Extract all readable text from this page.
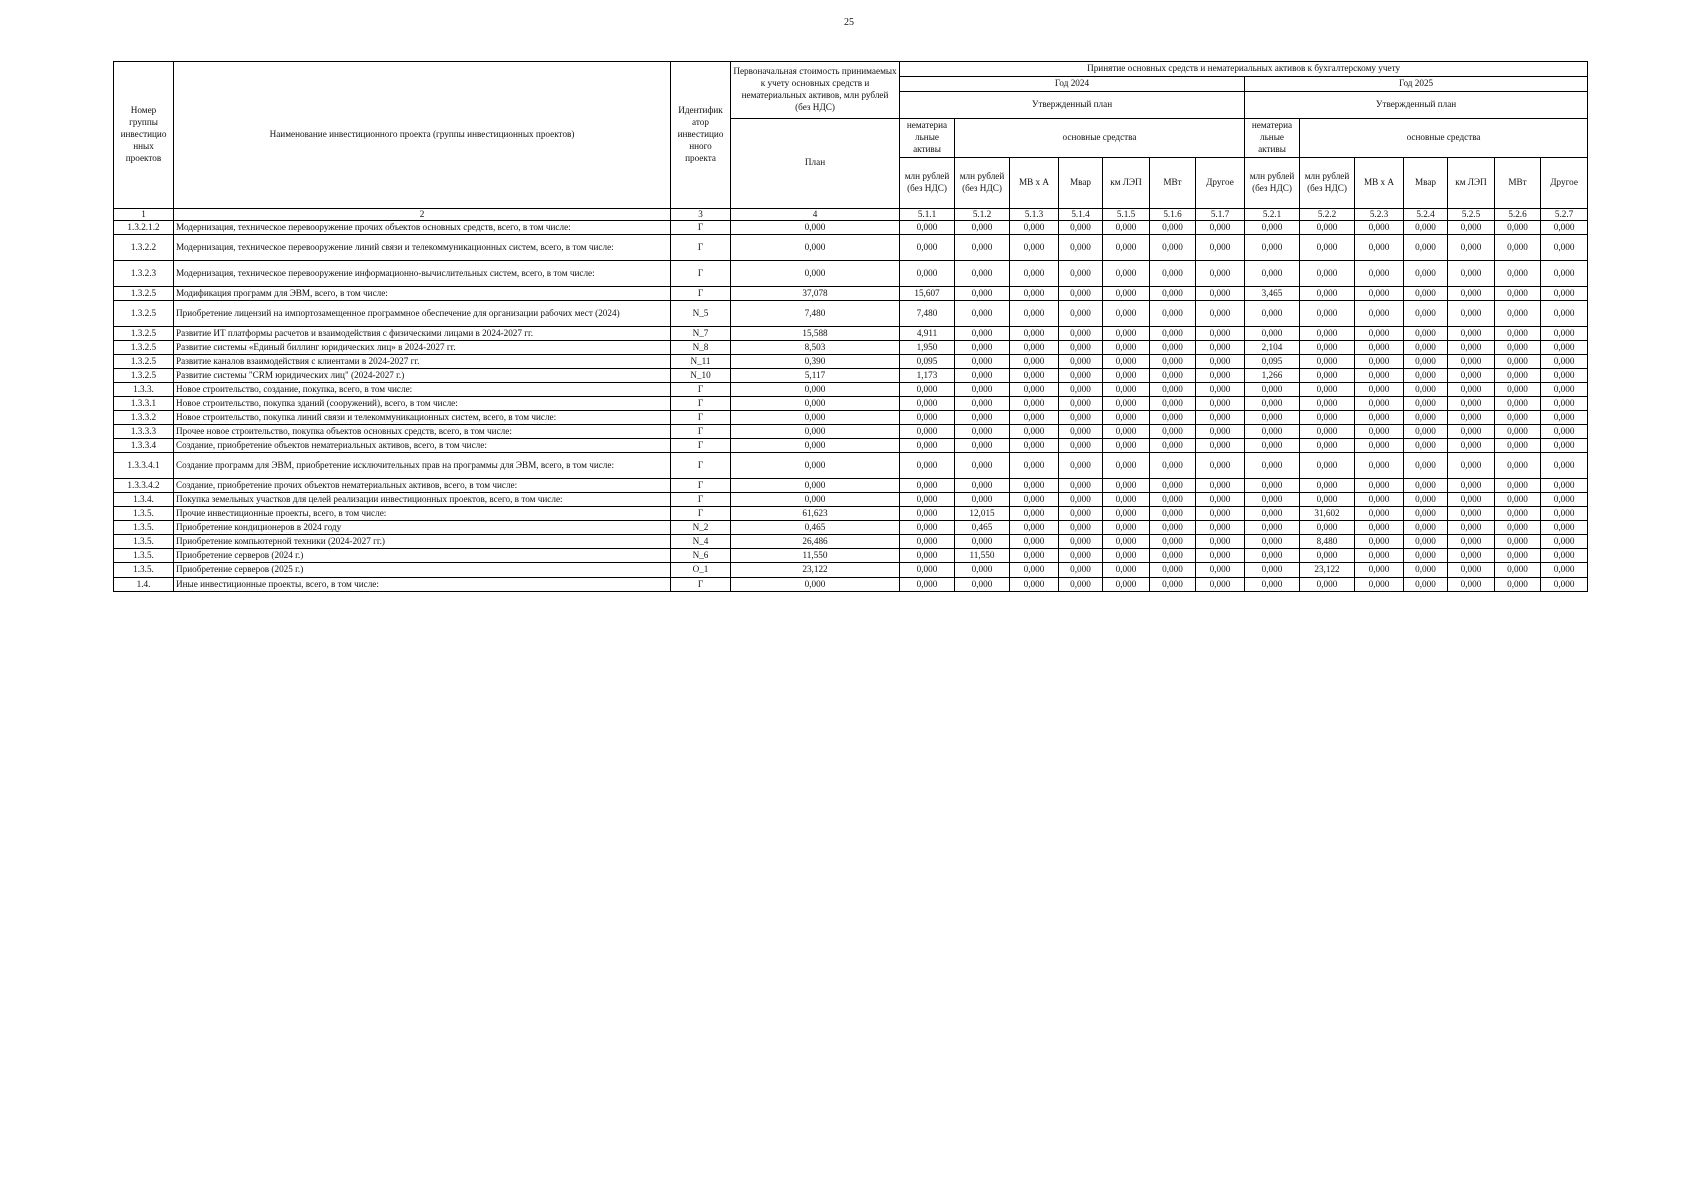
25
Номер группы инвестицио нных проектов	Наименование инвестиционного проекта (группы инвестиционных проектов)	Идентифик атор инвестицио нного проекта	Первоначальная стоимость принимаемых к учету основных средств и нематериальных активов, млн рублей (без НДС)	Принятие основных средств и нематериальных активов к бухгалтерскому учету													
				Год 2024							Год 2025						
				Утвержденный план							Утвержденный план						
			План	нематериа льные активы	основные средства						нематериа льные активы	основные средства					
				млн рублей (без НДС)	млн рублей (без НДС)	МВ х А	Мвар	км ЛЭП	МВт	Другое	млн рублей (без НДС)	млн рублей (без НДС)	МВ х А	Мвар	км ЛЭП	МВт	Другое
1	2	3	4	5.1.1	5.1.2	5.1.3	5.1.4	5.1.5	5.1.6	5.1.7	5.2.1	5.2.2	5.2.3	5.2.4	5.2.5	5.2.6	5.2.7
1.3.2.1.2	Модернизация, техническое перевооружение прочих объектов основных средств, всего, в том числе:	Г	0,000	0,000	0,000	0,000	0,000	0,000	0,000	0,000	0,000	0,000	0,000	0,000	0,000	0,000	0,000
1.3.2.2	Модернизация, техническое перевооружение линий связи и телекоммуникационных систем, всего, в том числе:	Г	0,000	0,000	0,000	0,000	0,000	0,000	0,000	0,000	0,000	0,000	0,000	0,000	0,000	0,000	0,000
1.3.2.3	Модернизация, техническое перевооружение информационно-вычислительных систем, всего, в том числе:	Г	0,000	0,000	0,000	0,000	0,000	0,000	0,000	0,000	0,000	0,000	0,000	0,000	0,000	0,000	0,000
1.3.2.5	Модификация программ для ЭВМ, всего, в том числе:	Г	37,078	15,607	0,000	0,000	0,000	0,000	0,000	0,000	3,465	0,000	0,000	0,000	0,000	0,000	0,000
1.3.2.5	Приобретение лицензий на импортозамещенное программное обеспечение для организации рабочих мест (2024)	N_5	7,480	7,480	0,000	0,000	0,000	0,000	0,000	0,000	0,000	0,000	0,000	0,000	0,000	0,000	0,000
1.3.2.5	Развитие ИТ платформы расчетов и взаимодействия с физическими лицами в 2024-2027 гг.	N_7	15,588	4,911	0,000	0,000	0,000	0,000	0,000	0,000	0,000	0,000	0,000	0,000	0,000	0,000	0,000
1.3.2.5	Развитие системы «Единый биллинг юридических лиц» в 2024-2027 гг.	N_8	8,503	1,950	0,000	0,000	0,000	0,000	0,000	0,000	2,104	0,000	0,000	0,000	0,000	0,000	0,000
1.3.2.5	Развитие каналов взаимодействия с клиентами в 2024-2027 гг.	N_11	0,390	0,095	0,000	0,000	0,000	0,000	0,000	0,000	0,095	0,000	0,000	0,000	0,000	0,000	0,000
1.3.2.5	Развитие системы "CRM юридических лиц" (2024-2027 г.)	N_10	5,117	1,173	0,000	0,000	0,000	0,000	0,000	0,000	1,266	0,000	0,000	0,000	0,000	0,000	0,000
1.3.3.	Новое строительство, создание, покупка, всего, в том числе:	Г	0,000	0,000	0,000	0,000	0,000	0,000	0,000	0,000	0,000	0,000	0,000	0,000	0,000	0,000	0,000
1.3.3.1	Новое строительство, покупка зданий (сооружений), всего, в том числе:	Г	0,000	0,000	0,000	0,000	0,000	0,000	0,000	0,000	0,000	0,000	0,000	0,000	0,000	0,000	0,000
1.3.3.2	Новое строительство, покупка линий связи и телекоммуникационных систем, всего, в том числе:	Г	0,000	0,000	0,000	0,000	0,000	0,000	0,000	0,000	0,000	0,000	0,000	0,000	0,000	0,000	0,000
1.3.3.3	Прочее новое строительство, покупка объектов основных средств, всего, в том числе:	Г	0,000	0,000	0,000	0,000	0,000	0,000	0,000	0,000	0,000	0,000	0,000	0,000	0,000	0,000	0,000
1.3.3.4	Создание, приобретение объектов нематериальных активов, всего, в том числе:	Г	0,000	0,000	0,000	0,000	0,000	0,000	0,000	0,000	0,000	0,000	0,000	0,000	0,000	0,000	0,000
1.3.3.4.1	Создание программ для ЭВМ, приобретение исключительных прав на программы для ЭВМ, всего, в том числе:	Г	0,000	0,000	0,000	0,000	0,000	0,000	0,000	0,000	0,000	0,000	0,000	0,000	0,000	0,000	0,000
1.3.3.4.2	Создание, приобретение прочих объектов нематериальных активов, всего, в том числе:	Г	0,000	0,000	0,000	0,000	0,000	0,000	0,000	0,000	0,000	0,000	0,000	0,000	0,000	0,000	0,000
1.3.4.	Покупка земельных участков для целей реализации инвестиционных проектов, всего, в том числе:	Г	0,000	0,000	0,000	0,000	0,000	0,000	0,000	0,000	0,000	0,000	0,000	0,000	0,000	0,000	0,000
1.3.5.	Прочие инвестиционные проекты, всего, в том числе:	Г	61,623	0,000	12,015	0,000	0,000	0,000	0,000	0,000	0,000	31,602	0,000	0,000	0,000	0,000	0,000
1.3.5.	Приобретение кондиционеров в 2024 году	N_2	0,465	0,000	0,465	0,000	0,000	0,000	0,000	0,000	0,000	0,000	0,000	0,000	0,000	0,000	0,000
1.3.5.	Приобретение компьютерной техники (2024-2027 гг.)	N_4	26,486	0,000	0,000	0,000	0,000	0,000	0,000	0,000	0,000	8,480	0,000	0,000	0,000	0,000	0,000
1.3.5.	Приобретение серверов (2024 г.)	N_6	11,550	0,000	11,550	0,000	0,000	0,000	0,000	0,000	0,000	0,000	0,000	0,000	0,000	0,000	0,000
1.3.5.	Приобретение серверов (2025 г.)	O_1	23,122	0,000	0,000	0,000	0,000	0,000	0,000	0,000	0,000	23,122	0,000	0,000	0,000	0,000	0,000
1.4.	Иные инвестиционные проекты, всего, в том числе:	Г	0,000	0,000	0,000	0,000	0,000	0,000	0,000	0,000	0,000	0,000	0,000	0,000	0,000	0,000	0,000
